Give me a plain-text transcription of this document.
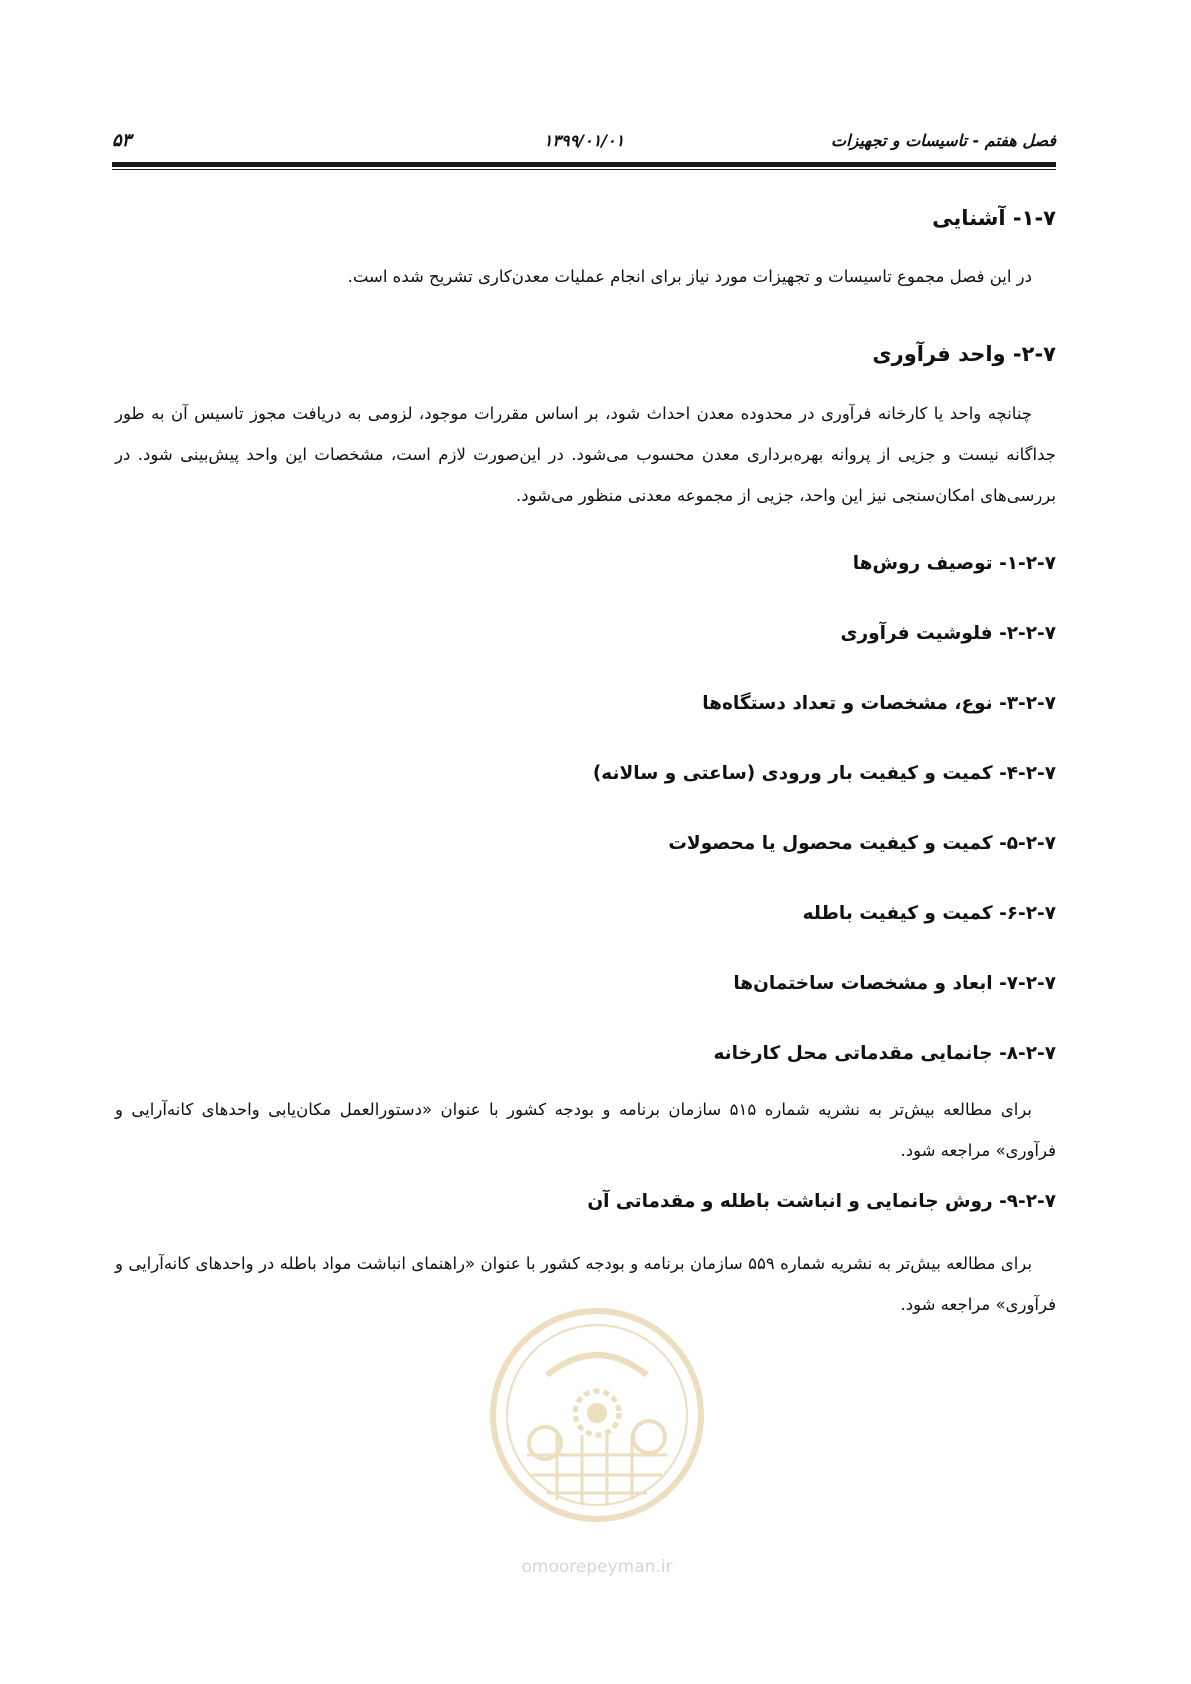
فصل هفتم - تاسیسات و تجهیزات
۱۳۹۹/۰۱/۰۱
۵۳
۱-۷- آشنایی
در این فصل مجموع تاسیسات و تجهیزات مورد نیاز برای انجام عملیات معدن‌کاری تشریح شده است.
۲-۷- واحد فرآوری
چنانچه واحد یا کارخانه فرآوری در محدوده معدن احداث شود، بر اساس مقررات موجود، لزومی به دریافت مجوز تاسیس آن به طور جداگانه نیست و جزیی از پروانه بهره‌برداری معدن محسوب می‌شود. در این‌صورت لازم است، مشخصات این واحد پیش‌بینی شود. در بررسی‌های امکان‌سنجی نیز این واحد، جزیی از مجموعه معدنی منظور می‌شود.
۱-۲-۷- توصیف روش‌ها
۲-۲-۷- فلوشیت فرآوری
۳-۲-۷- نوع، مشخصات و تعداد دستگاه‌ها
۴-۲-۷- کمیت و کیفیت بار ورودی (ساعتی و سالانه)
۵-۲-۷- کمیت و کیفیت محصول یا محصولات
۶-۲-۷- کمیت و کیفیت باطله
۷-۲-۷- ابعاد و مشخصات ساختمان‌ها
۸-۲-۷- جانمایی مقدماتی محل کارخانه
برای مطالعه بیش‌تر به نشریه شماره ۵۱۵ سازمان برنامه و بودجه کشور با عنوان «دستورالعمل مکان‌یابی واحدهای کانه‌آرایی و فرآوری» مراجعه شود.
۹-۲-۷- روش جانمایی و انباشت باطله و مقدماتی آن
برای مطالعه بیش‌تر به نشریه شماره ۵۵۹ سازمان برنامه و بودجه کشور با عنوان «راهنمای انباشت مواد باطله در واحدهای کانه‌آرایی و فرآوری» مراجعه شود.
omoorepeyman.ir
